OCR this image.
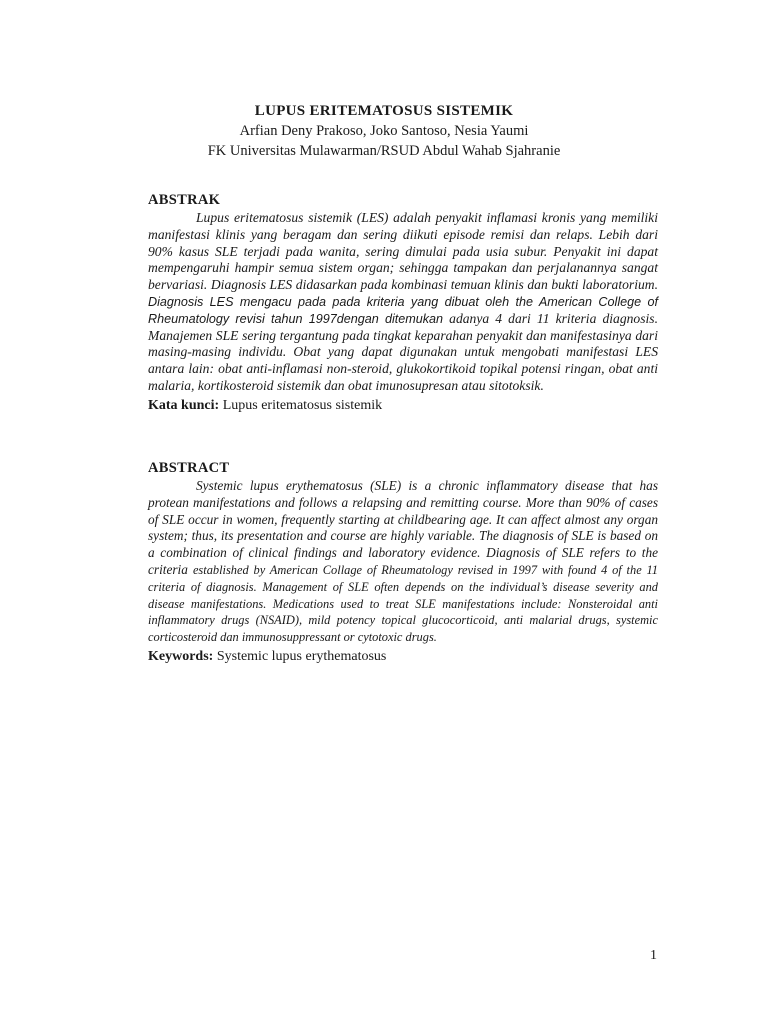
LUPUS ERITEMATOSUS SISTEMIK
Arfian Deny Prakoso, Joko Santoso, Nesia Yaumi
FK Universitas Mulawarman/RSUD Abdul Wahab Sjahranie
ABSTRAK

Lupus eritematosus sistemik (LES) adalah penyakit inflamasi kronis yang memiliki manifestasi klinis yang beragam dan sering diikuti episode remisi dan relaps. Lebih dari 90% kasus SLE terjadi pada wanita, sering dimulai pada usia subur. Penyakit ini dapat mempengaruhi hampir semua sistem organ; sehingga tampakan dan perjalanannya sangat bervariasi. Diagnosis LES didasarkan pada kombinasi temuan klinis dan bukti laboratorium. Diagnosis LES mengacu pada pada kriteria yang dibuat oleh the American College of Rheumatology revisi tahun 1997dengan ditemukan adanya 4 dari 11 kriteria diagnosis. Manajemen SLE sering tergantung pada tingkat keparahan penyakit dan manifestasinya dari masing-masing individu. Obat yang dapat digunakan untuk mengobati manifestasi LES antara lain: obat anti-inflamasi non-steroid, glukokortikoid topikal potensi ringan, obat anti malaria, kortikosteroid sistemik dan obat imunosupresan atau sitotoksik.

Kata kunci: Lupus eritematosus sistemik
ABSTRACT

Systemic lupus erythematosus (SLE) is a chronic inflammatory disease that has protean manifestations and follows a relapsing and remitting course. More than 90% of cases of SLE occur in women, frequently starting at childbearing age. It can affect almost any organ system; thus, its presentation and course are highly variable. The diagnosis of SLE is based on a combination of clinical findings and laboratory evidence. Diagnosis of SLE refers to the criteria established by American Collage of Rheumatology revised in 1997 with found 4 of the 11 criteria of diagnosis. Management of SLE often depends on the individual’s disease severity and disease manifestations. Medications used to treat SLE manifestations include: Nonsteroidal anti inflammatory drugs (NSAID), mild potency topical glucocorticoid, anti malarial drugs, systemic corticosteroid dan immunosuppressant or cytotoxic drugs.

Keywords: Systemic lupus erythematosus
1
